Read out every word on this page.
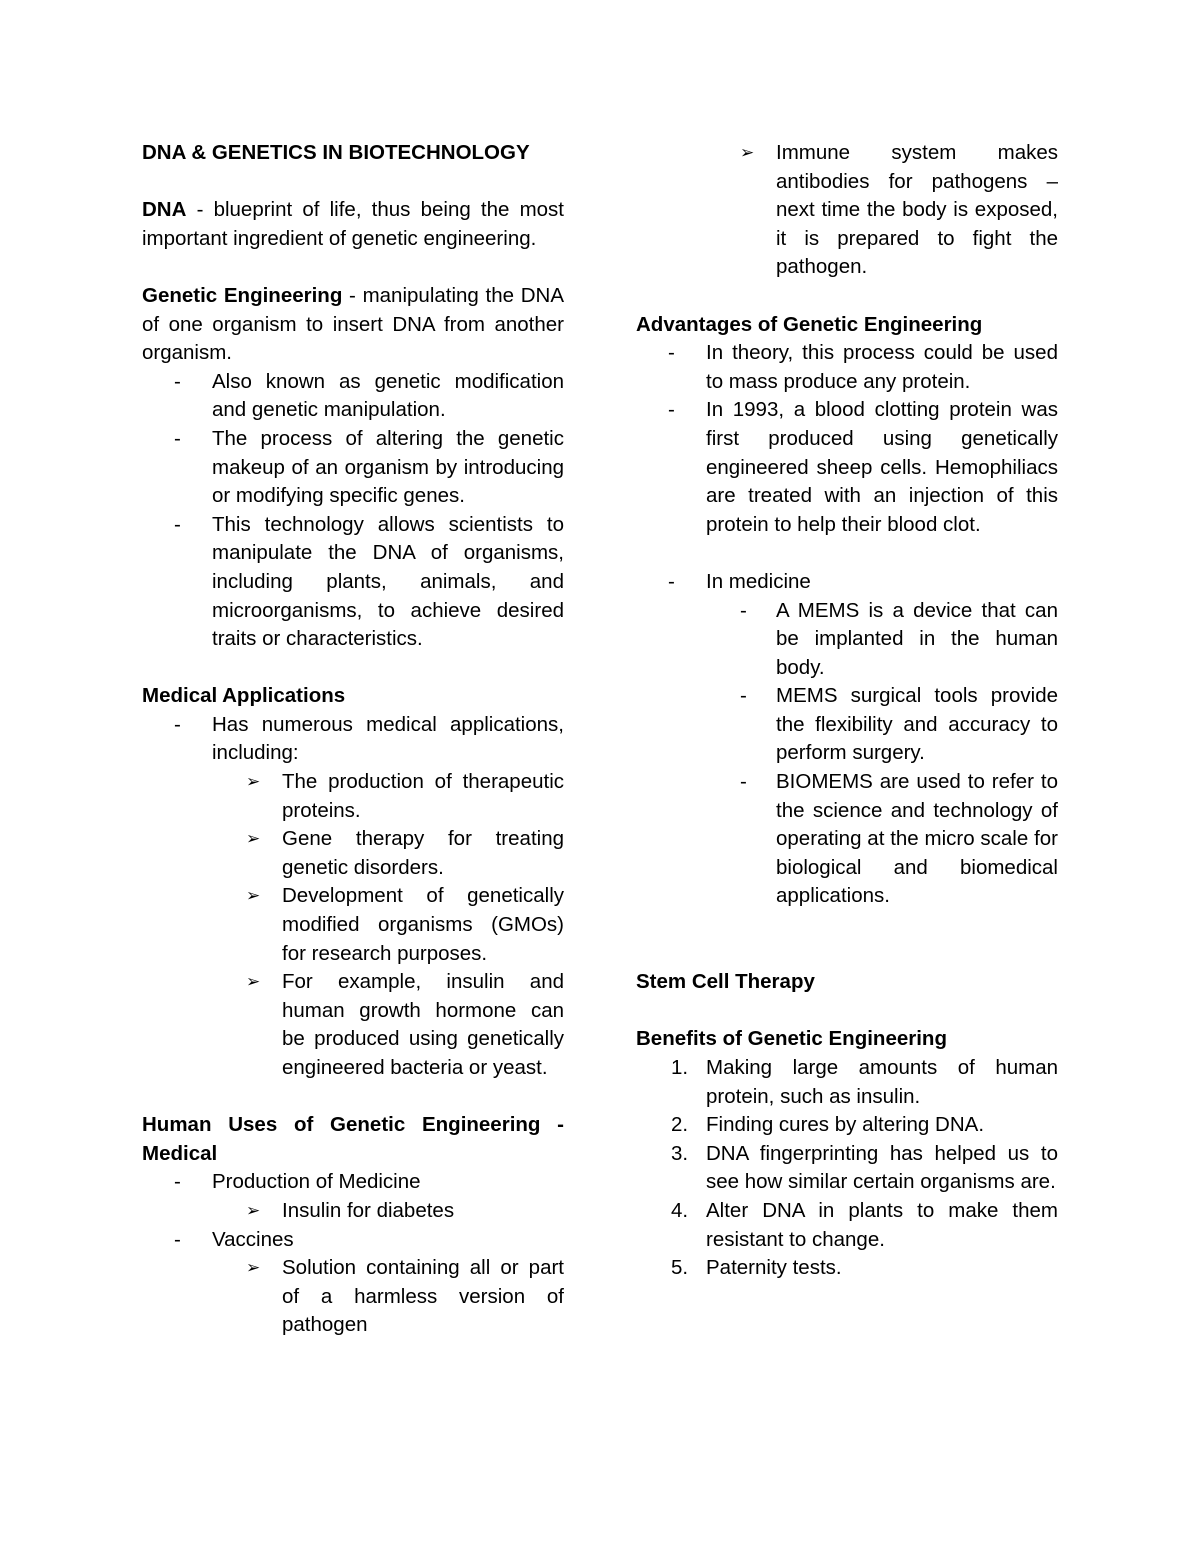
DNA & GENETICS IN BIOTECHNOLOGY

DNA - blueprint of life, thus being the most important ingredient of genetic engineering.

Genetic Engineering - manipulating the DNA of one organism to insert DNA from another organism.

- Also known as genetic modification and genetic manipulation.

- The process of altering the genetic makeup of an organism by introducing or modifying specific genes.

- This technology allows scientists to manipulate the DNA of organisms, including plants, animals, and microorganisms, to achieve desired traits or characteristics.

Medical Applications

- Has numerous medical applications, including:

➢ The production of therapeutic proteins.

➢ Gene therapy for treating genetic disorders.

➢ Development of genetically modified organisms (GMOs) for research purposes.

➢ For example, insulin and human growth hormone can be produced using genetically engineered bacteria or yeast.

Human Uses of Genetic Engineering -

Medical

- Production of Medicine

➢ Insulin for diabetes

- Vaccines

➢ Solution containing all or part of a harmless version of pathogen

➢ Immune system makes antibodies for pathogens – next time the body is exposed, it is prepared to fight the pathogen.

Advantages of Genetic Engineering

- In theory, this process could be used to mass produce any protein.

- In 1993, a blood clotting protein was first produced using genetically engineered sheep cells. Hemophiliacs are treated with an injection of this protein to help their blood clot.

- In medicine

- A MEMS is a device that can be implanted in the human body.

- MEMS surgical tools provide the flexibility and accuracy to perform surgery.

- BIOMEMS are used to refer to the science and technology of operating at the micro scale for biological and biomedical applications.

Stem Cell Therapy

Benefits of Genetic Engineering

1. Making large amounts of human protein, such as insulin.

2. Finding cures by altering DNA.

3. DNA fingerprinting has helped us to see how similar certain organisms are.

4. Alter DNA in plants to make them resistant to change.

5. Paternity tests.
